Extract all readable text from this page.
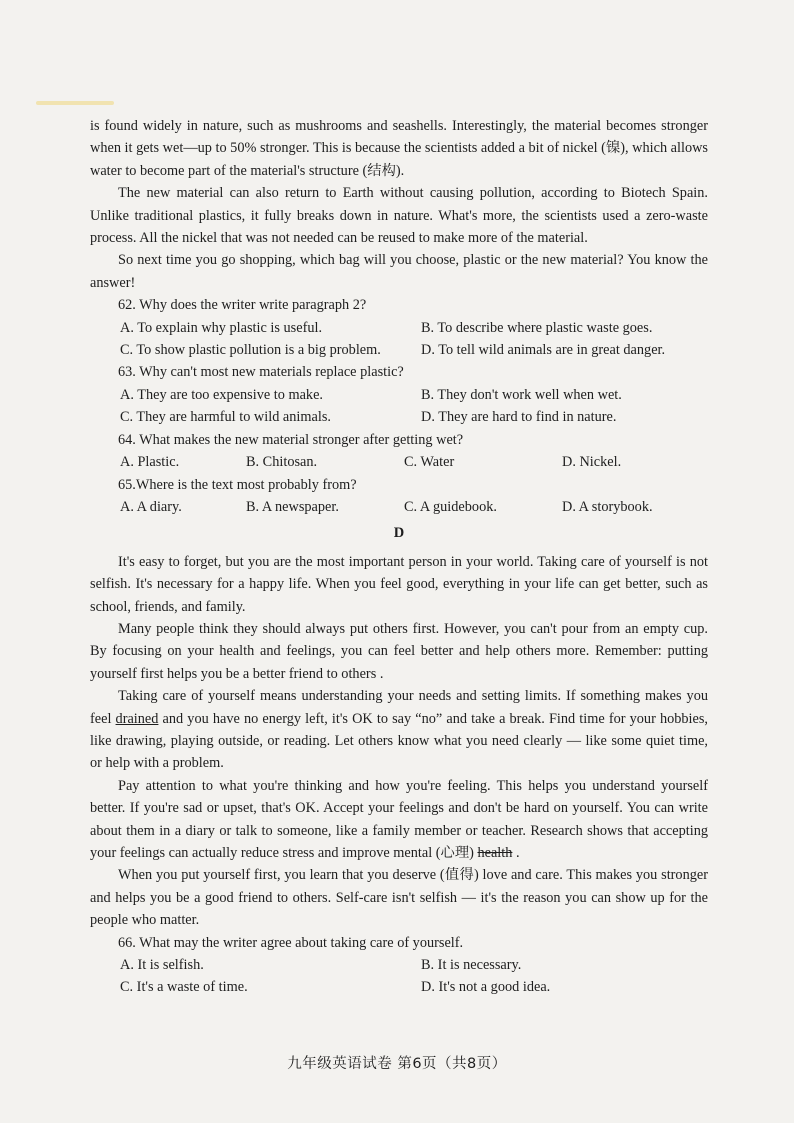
is found widely in nature, such as mushrooms and seashells. Interestingly, the material becomes stronger when it gets wet—up to 50% stronger. This is because the scientists added a bit of nickel (镍), which allows water to become part of the material's structure (结构).

The new material can also return to Earth without causing pollution, according to Biotech Spain. Unlike traditional plastics, it fully breaks down in nature. What's more, the scientists used a zero-waste process. All the nickel that was not needed can be reused to make more of the material.

So next time you go shopping, which bag will you choose, plastic or the new material? You know the answer!

62. Why does the writer write paragraph 2?

A. To explain why plastic is useful.	B. To describe where plastic waste goes.
C. To show plastic pollution is a big problem.	D. To tell wild animals are in great danger.

63. Why can't most new materials replace plastic?

A. They are too expensive to make.	B. They don't work well when wet.
C. They are harmful to wild animals.	D. They are hard to find in nature.

64. What makes the new material stronger after getting wet?

A. Plastic.	B. Chitosan.	C. Water	D. Nickel.

65.Where is the text most probably from?

A. A diary.	B. A newspaper.	C. A guidebook.	D. A storybook.
D

It's easy to forget, but you are the most important person in your world. Taking care of yourself is not selfish. It's necessary for a happy life. When you feel good, everything in your life can get better, such as school, friends, and family.

Many people think they should always put others first. However, you can't pour from an empty cup. By focusing on your health and feelings, you can feel better and help others more. Remember: putting yourself first helps you be a better friend to others .

Taking care of yourself means understanding your needs and setting limits. If something makes you feel drained and you have no energy left, it's OK to say “no” and take a break. Find time for your hobbies, like drawing, playing outside, or reading. Let others know what you need clearly — like some quiet time, or help with a problem.

Pay attention to what you're thinking and how you're feeling. This helps you understand yourself better. If you're sad or upset, that's OK. Accept your feelings and don't be hard on yourself. You can write about them in a diary or talk to someone, like a family member or teacher. Research shows that accepting your feelings can actually reduce stress and improve mental (心理) health .

When you put yourself first, you learn that you deserve (值得) love and care. This makes you stronger and helps you be a good friend to others. Self-care isn't selfish — it's the reason you can show up for the people who matter.

66. What may the writer agree about taking care of yourself.

A. It is selfish.	B. It is necessary.
C. It's a waste of time.	D. It's not a good idea.
九年级英语试卷 第6页（共8页）
